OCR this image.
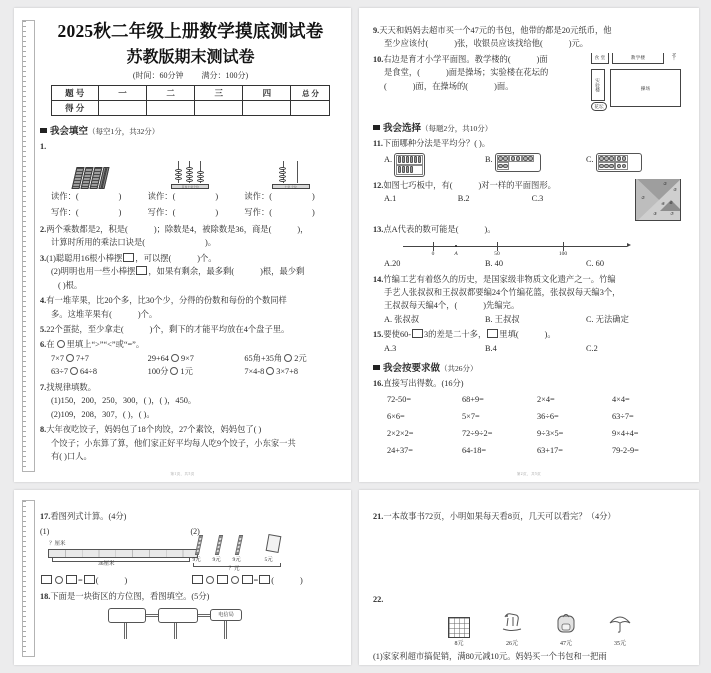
2025秋二年级上册数学摸底测试卷
苏教版期末测试卷
(时间：60分钟 满分：100分)
题 号	一	二	三	四	总 分
得 分					
我会填空 （每空1分，共32分）
1.
百位十位个位	十位 个位
读作：(	)	读作：(	)	读作：(	)
写作：(	)	写作：(	)	写作：(	)
2.两个乘数都是2，积是(	)；除数是4，被除数是36，商是(	)，
计算时所用的乘法口诀是(	)。
3.(1)聪聪用16根小棒摆 ，可以摆(	)个。
(2)明明也用一些小棒摆 ，如果有剩余，最多剩(	)根，最少剩
( )根。
4.有一堆苹果，比20个多，比30个少，分得的份数和每份的个数同样
多。这堆苹果有(	)个。
5.22个蛋挞，至少拿走(	)个，剩下的才能平均放在4个盘子里。
6.在 里填上“>”“<”或“=”。
7×7 7+7	29+64 9×7	65角+35角 2元
63÷7 64÷8	100分 1元	7×4-8 3×7+8
7.找规律填数。
(1)150，200，250，300，( )，( )，450。
(2)109，208，307，( )，( )。
8.大年夜吃饺子，妈妈包了18个肉饺，27个素饺，妈妈包了( )
个饺子；小东算了算，他们家正好平均每人吃9个饺子，小东家一共
有( )口人。
第1页，共5页
9.天天和妈妈去超市买一个47元的书包，他带的都是20元纸币，他
至少应该付(	)张，收银员应该找给他(	)元。
10.右边是育才小学平面图。教学楼的(	)面
是食堂，(	)面是操场；实验楼在花坛的
(	)面，在操场的(	)面。
食 堂	教学楼
北
↑
实验楼	操场
花坛
我会选择 （每题2分，共10分）
11.下面哪种分法是平均分？( )。
A.	B.	C.
①
⑤
②
④ ⑥
③	⑦
12.如图七巧板中，有(	)对一样的平面图形。
A.1	B.2	C.3
13.点A代表的数可能是(	)。
0	A	50	100
A.20	B. 40	C. 60
14.竹编工艺有着悠久的历史，是国家级非物质文化遗产之一。竹编
手艺人张叔叔和王叔叔都要编24个竹编花篮，张叔叔每天编3个，
王叔叔每天编4个，(	)先编完。
A. 张叔叔	B. 王叔叔	C. 无法确定
15.要使60- 3的差是二十多， 里填(	)。
A.3	B.4	C.2
我会按要求做 （共26分）
16.直接写出得数。(16分)
72-50=	68+9=	2×4=	4×4=
6×6=	5×7=	36÷6=	63÷7=
2×2×2=	72÷9÷2=	9÷3×5=	9×4+4=
24+37=	64-18=	63+17=	79-2-9=
第2页，共5页
17.看图列式计算。(4分)
(1)
？厘米
36厘米
= (	)
(2)
9元 9元 9元	5元
？元
= (	)
18.下面是一块街区的方位图，看图填空。(5分)
电信局
21.一本故事书72页，小明如果每天看8页，几天可以看完？（4分）
22.
8元	26元	47元	35元
(1)家家利超市搞促销，满80元减10元。妈妈买一个书包和一把雨
